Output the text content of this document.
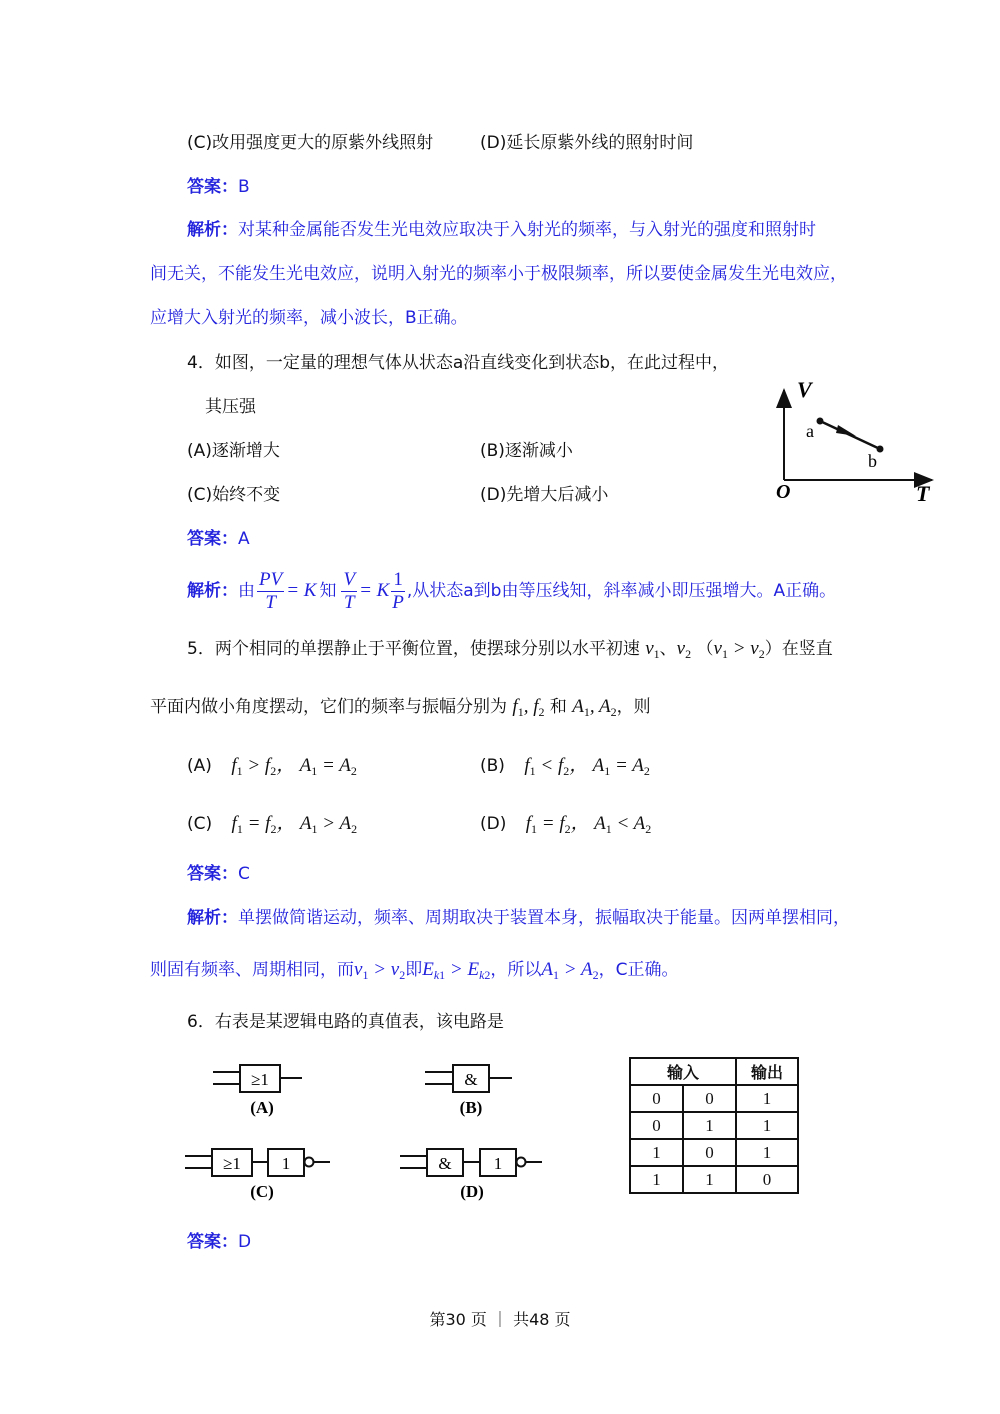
(C)改用强度更大的原紫外线照射	(D)延长原紫外线的照射时间
答案：B
解析：对某种金属能否发生光电效应取决于入射光的频率，与入射光的强度和照射时
间无关，不能发生光电效应，说明入射光的频率小于极限频率，所以要使金属发生光电效应，
应增大入射光的频率，减小波长，B正确。
4．如图，一定量的理想气体从状态a沿直线变化到状态b，在此过程中，
其压强
(A)逐渐增大	(B)逐渐减小
(C)始终不变	(D)先增大后减小
V
T
O
a
b
答案：A
解析： 由 $\frac{PV}{T} = K$ 知 $\frac{V}{T} = K \frac{1}{P}$ ,从状态a到b由等压线知，斜率减小即压强增大。A正确。
5．两个相同的单摆静止于平衡位置，使摆球分别以水平初速 $v_1$、$v_2$ $(v_1 > v_2)$在竖直
平面内做小角度摆动，它们的频率与振幅分别为 $f_1$, $f_2$ 和 $A_1$, $A_2$，则
(A) $f_1 > f_2$， $A_1 = A_2$	(B) $f_1 < f_2$， $A_1 = A_2$
(C) $f_1 = f_2$， $A_1 > A_2$	(D) $f_1 = f_2$， $A_1 < A_2$
答案：C
解析：单摆做简谐运动，频率、周期取决于装置本身，振幅取决于能量。因两单摆相同，
则固有频率、周期相同，而$v_1 > v_2$即$E_{k1} > E_{k2}$，所以$A_1 > A_2$，C正确。
6．右表是某逻辑电路的真值表，该电路是
≥1
(A)
&
(B)
≥1 1
(C)
& 1
(D)
输入		输出
0	0	1
0	1	1
1	0	1
1	1	0
答案：D
第30 页 ｜ 共48 页
